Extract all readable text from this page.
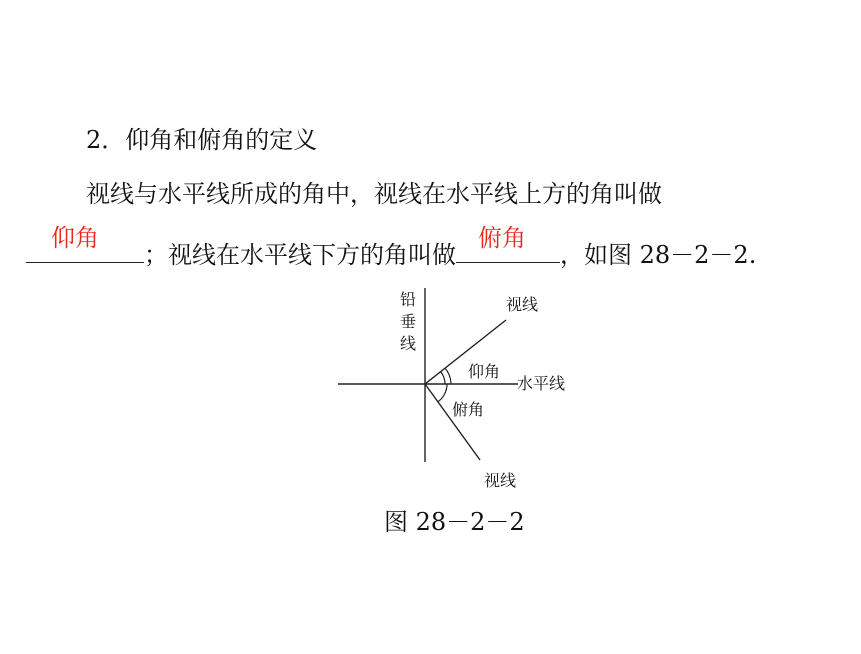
2．仰角和俯角的定义
视线与水平线所成的角中，视线在水平线上方的角叫做
仰角
；视线在水平线下方的角叫做
俯角
，如图 28－2－2.
铅
垂
线
视线
仰角
水平线
俯角
视线
图 28－2－2
